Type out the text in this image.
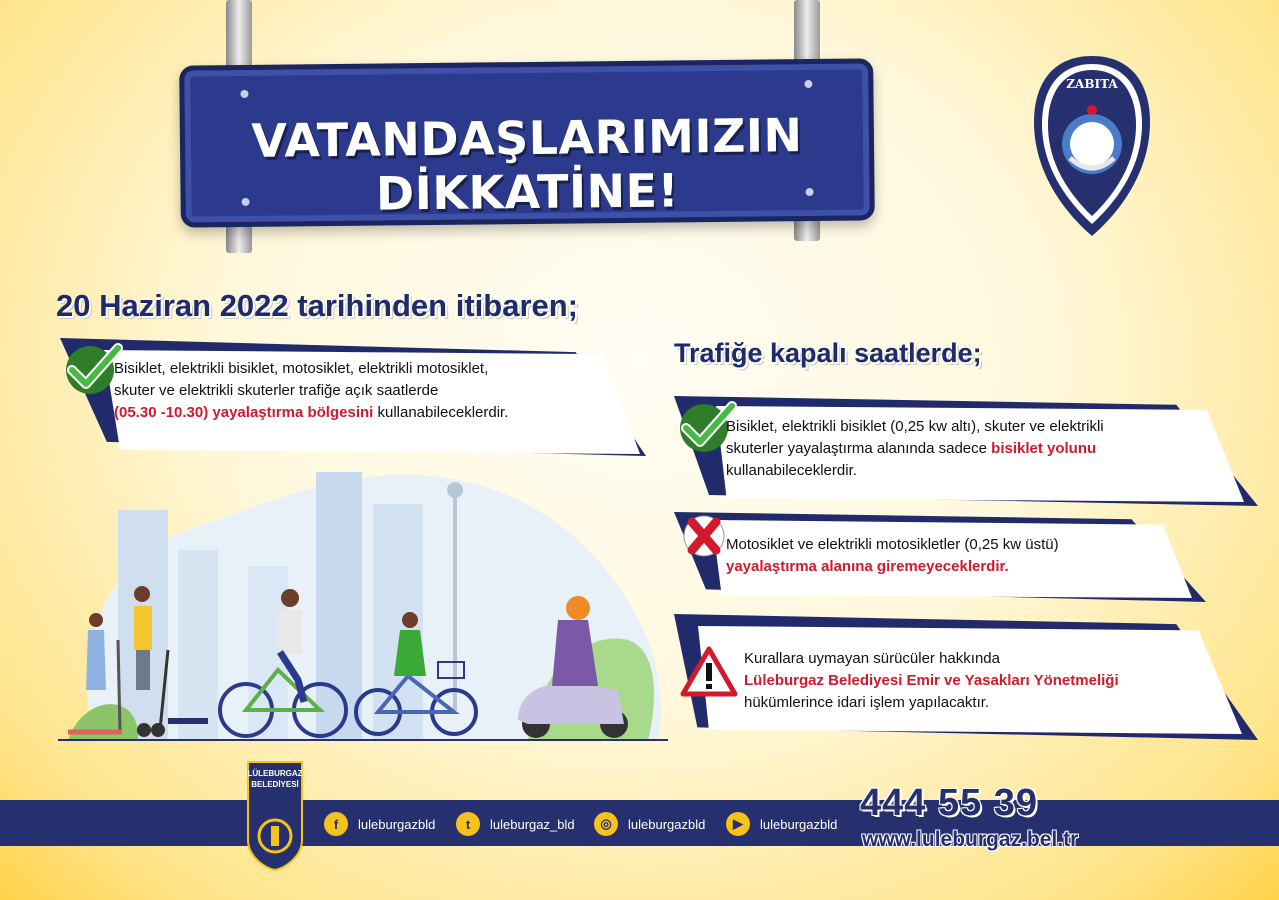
VATANDAŞLARIMIZIN DİKKATİNE!
ZABITA
20 Haziran 2022 tarihinden itibaren;
Bisiklet, elektrikli bisiklet, motosiklet, elektrikli motosiklet,
skuter ve elektrikli skuterler trafiğe açık saatlerde
(05.30 -10.30) yayalaştırma bölgesini kullanabileceklerdir.
Trafiğe kapalı saatlerde;
Bisiklet, elektrikli bisiklet (0,25 kw altı), skuter ve elektrikli
skuterler yayalaştırma alanında sadece bisiklet yolunu
kullanabileceklerdir.
Motosiklet ve elektrikli motosikletler (0,25 kw üstü)
yayalaştırma alanına giremeyeceklerdir.
Kurallara uymayan sürücüler hakkında
Lüleburgaz Belediyesi Emir ve Yasakları Yönetmeliği
hükümlerince idari işlem yapılacaktır.
LÜLEBURGAZ
BELEDİYESİ
f	luleburgazbld	t	luleburgaz_bld	◎	luleburgazbld	▶	luleburgazbld 444 55 39
www.luleburgaz.bel.tr
